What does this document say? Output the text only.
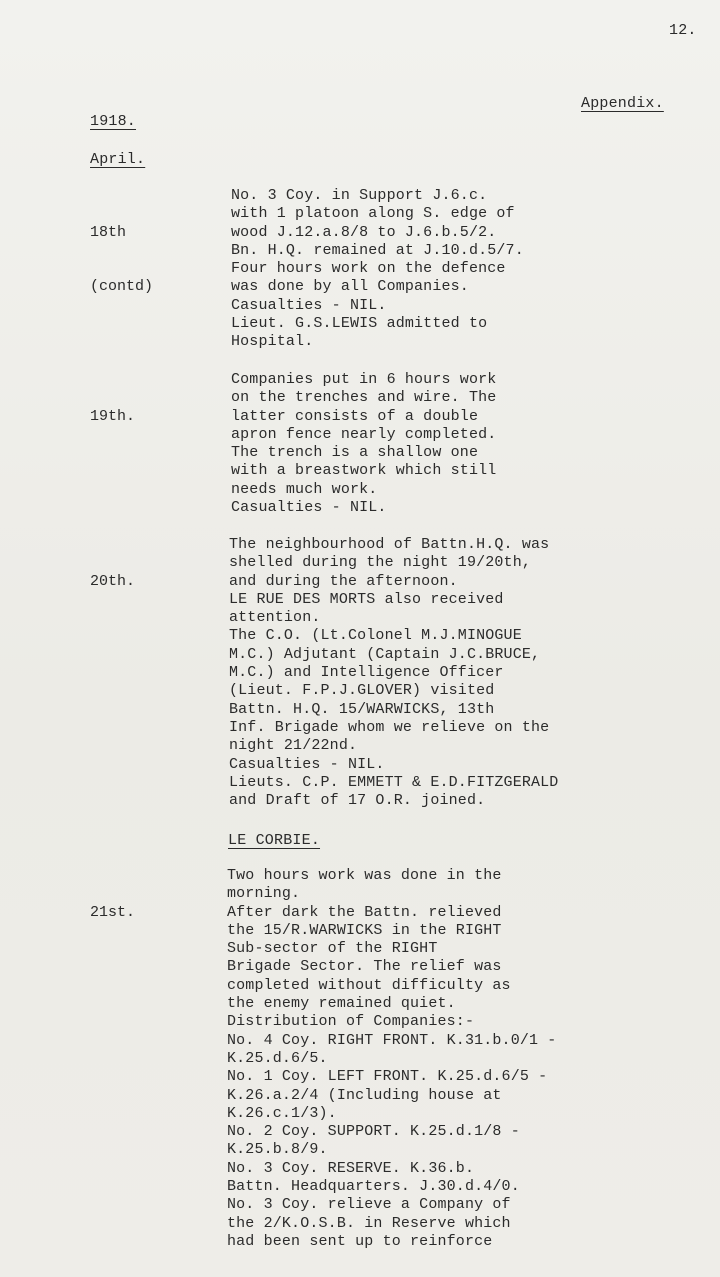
12.
Appendix.
1918.
April.

18th

(contd)

No. 3 Coy. in Support J.6.c.
with 1 platoon along S. edge of
wood J.12.a.8/8 to J.6.b.5/2.
Bn. H.Q. remained at J.10.d.5/7.
Four hours work on the defence
was done by all Companies.
Casualties - NIL.
Lieut. G.S.LEWIS admitted to
Hospital.

19th.

Companies put in 6 hours work
on the trenches and wire. The
latter consists of a double
apron fence nearly completed.
The trench is a shallow one
with a breastwork which still
needs much work.
Casualties - NIL.

20th.

The neighbourhood of Battn.H.Q. was
shelled during the night 19/20th,
and during the afternoon.
LE RUE DES MORTS also received
attention.
The C.O. (Lt.Colonel M.J.MINOGUE
M.C.) Adjutant (Captain J.C.BRUCE,
M.C.) and Intelligence Officer
(Lieut. F.P.J.GLOVER) visited
Battn. H.Q. 15/WARWICKS, 13th
Inf. Brigade whom we relieve on the
night 21/22nd.
Casualties - NIL.
Lieuts. C.P. EMMETT & E.D.FITZGERALD
and Draft of 17 O.R. joined.
LE CORBIE.

21st.

Two hours work was done in the
morning.
After dark the Battn. relieved
the 15/R.WARWICKS in the RIGHT
Sub-sector of the RIGHT
Brigade Sector. The relief was
completed without difficulty as
the enemy remained quiet.
Distribution of Companies:-
No. 4 Coy. RIGHT FRONT. K.31.b.0/1 -
K.25.d.6/5.
No. 1 Coy. LEFT FRONT. K.25.d.6/5 -
K.26.a.2/4 (Including house at
K.26.c.1/3).
No. 2 Coy. SUPPORT. K.25.d.1/8 -
K.25.b.8/9.
No. 3 Coy. RESERVE. K.36.b.
Battn. Headquarters. J.30.d.4/0.
No. 3 Coy. relieve a Company of
the 2/K.O.S.B. in Reserve which
had been sent up to reinforce
